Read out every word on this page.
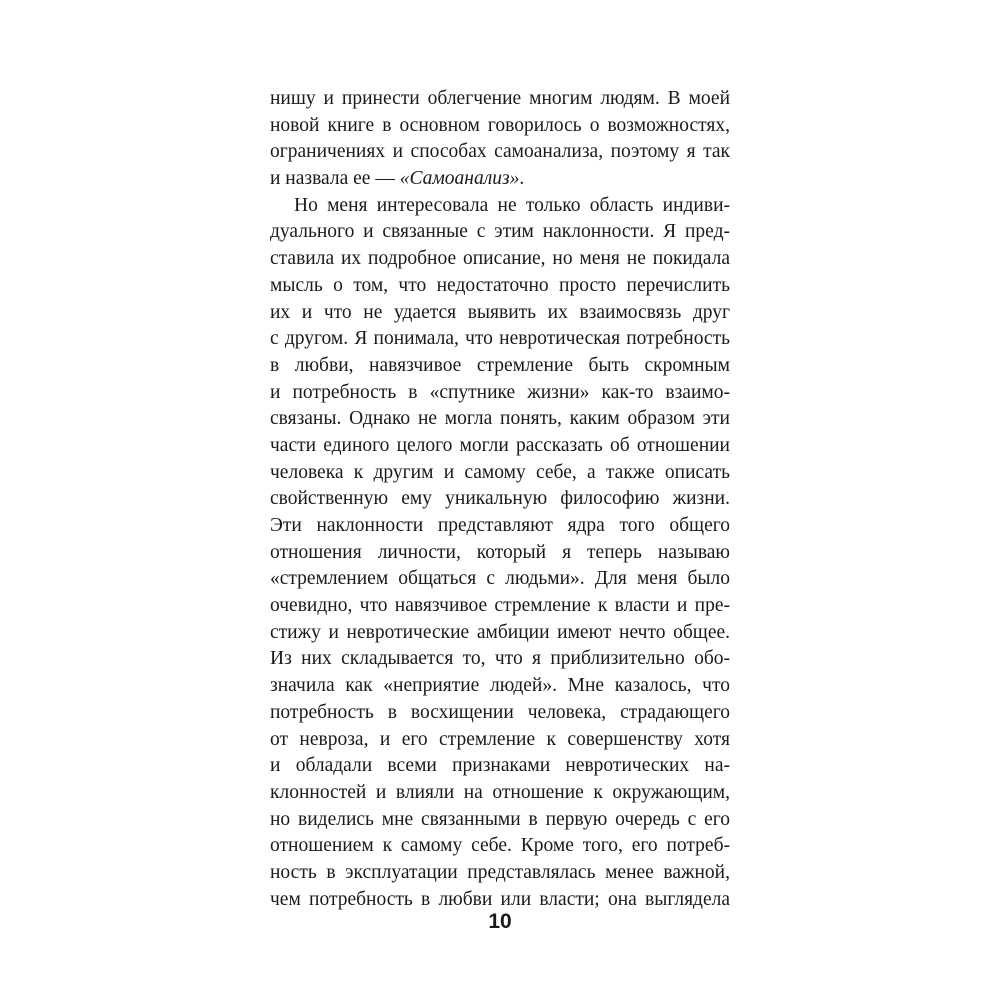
нишу и принести облегчение многим людям. В моей
новой книге в основном говорилось о возможностях,
ограничениях и способах самоанализа, поэтому я так
и назвала ее — «Самоанализ».
Но меня интересовала не только область индиви-
дуального и связанные с этим наклонности. Я пред-
ставила их подробное описание, но меня не покидала
мысль о том, что недостаточно просто перечислить
их и что не удается выявить их взаимосвязь друг
с другом. Я понимала, что невротическая потребность
в любви, навязчивое стремление быть скромным
и потребность в «спутнике жизни» как-то взаимо-
связаны. Однако не могла понять, каким образом эти
части единого целого могли рассказать об отношении
человека к другим и самому себе, а также описать
свойственную ему уникальную философию жизни.
Эти наклонности представляют ядра того общего
отношения личности, который я теперь называю
«стремлением общаться с людьми». Для меня было
очевидно, что навязчивое стремление к власти и пре-
стижу и невротические амбиции имеют нечто общее.
Из них складывается то, что я приблизительно обо-
значила как «неприятие людей». Мне казалось, что
потребность в восхищении человека, страдающего
от невроза, и его стремление к совершенству хотя
и обладали всеми признаками невротических на-
клонностей и влияли на отношение к окружающим,
но виделись мне связанными в первую очередь с его
отношением к самому себе. Кроме того, его потреб-
ность в эксплуатации представлялась менее важной,
чем потребность в любви или власти; она выглядела
10
